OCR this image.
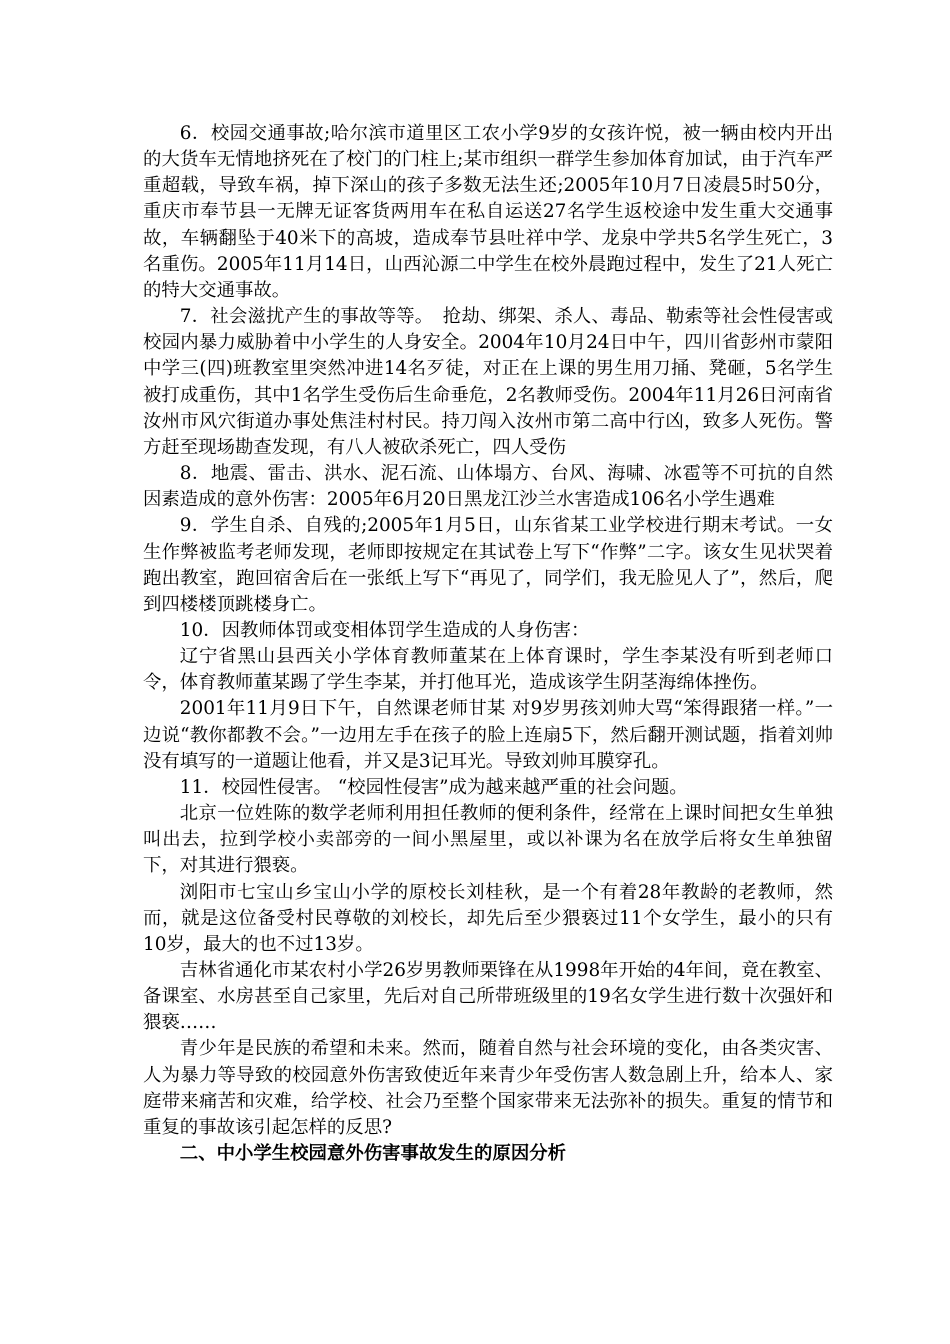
6．校园交通事故;哈尔滨市道里区工农小学9岁的女孩许悦，被一辆由校内开出的大货车无情地挤死在了校门的门柱上;某市组织一群学生参加体育加试，由于汽车严重超载，导致车祸，掉下深山的孩子多数无法生还;2005年10月7日凌晨5时50分，重庆市奉节县一无牌无证客货两用车在私自运送27名学生返校途中发生重大交通事故，车辆翻坠于40米下的高坡，造成奉节县吐祥中学、龙泉中学共5名学生死亡，3名重伤。2005年11月14日，山西沁源二中学生在校外晨跑过程中，发生了21人死亡的特大交通事故。

7．社会滋扰产生的事故等等。　抢劫、绑架、杀人、毒品、勒索等社会性侵害或校园内暴力威胁着中小学生的人身安全。2004年10月24日中午，四川省彭州市蒙阳中学三(四)班教室里突然冲进14名歹徒，对正在上课的男生用刀捅、凳砸，5名学生被打成重伤，其中1名学生受伤后生命垂危，2名教师受伤。2004年11月26日河南省汝州市风穴街道办事处焦洼村村民。持刀闯入汝州市第二高中行凶，致多人死伤。警方赶至现场勘查发现，有八人被砍杀死亡，四人受伤

8．地震、雷击、洪水、泥石流、山体塌方、台风、海啸、冰雹等不可抗的自然因素造成的意外伤害：2005年6月20日黑龙江沙兰水害造成106名小学生遇难

9．学生自杀、自残的;2005年1月5日，山东省某工业学校进行期末考试。一女生作弊被监考老师发现，老师即按规定在其试卷上写下“作弊”二字。该女生见状哭着跑出教室，跑回宿舍后在一张纸上写下“再见了，同学们，我无脸见人了”，然后，爬到四楼楼顶跳楼身亡。

10．因教师体罚或变相体罚学生造成的人身伤害：

辽宁省黑山县西关小学体育教师董某在上体育课时，学生李某没有听到老师口令，体育教师董某踢了学生李某，并打他耳光，造成该学生阴茎海绵体挫伤。

2001年11月9日下午，自然课老师甘某 对9岁男孩刘帅大骂“笨得跟猪一样。”一边说“教你都教不会。”一边用左手在孩子的脸上连扇5下，然后翻开测试题，指着刘帅没有填写的一道题让他看，并又是3记耳光。导致刘帅耳膜穿孔。

11．校园性侵害。 “校园性侵害”成为越来越严重的社会问题。

北京一位姓陈的数学老师利用担任教师的便利条件，经常在上课时间把女生单独叫出去，拉到学校小卖部旁的一间小黑屋里，或以补课为名在放学后将女生单独留下，对其进行猥亵。

浏阳市七宝山乡宝山小学的原校长刘桂秋，是一个有着28年教龄的老教师，然而，就是这位备受村民尊敬的刘校长，却先后至少猥亵过11个女学生，最小的只有10岁，最大的也不过13岁。

吉林省通化市某农村小学26岁男教师栗锋在从1998年开始的4年间，竟在教室、备课室、水房甚至自己家里，先后对自己所带班级里的19名女学生进行数十次强奸和猥亵……

青少年是民族的希望和未来。然而，随着自然与社会环境的变化，由各类灾害、人为暴力等导致的校园意外伤害致使近年来青少年受伤害人数急剧上升，给本人、家庭带来痛苦和灾难，给学校、社会乃至整个国家带来无法弥补的损失。重复的情节和重复的事故该引起怎样的反思?

二、中小学生校园意外伤害事故发生的原因分析
